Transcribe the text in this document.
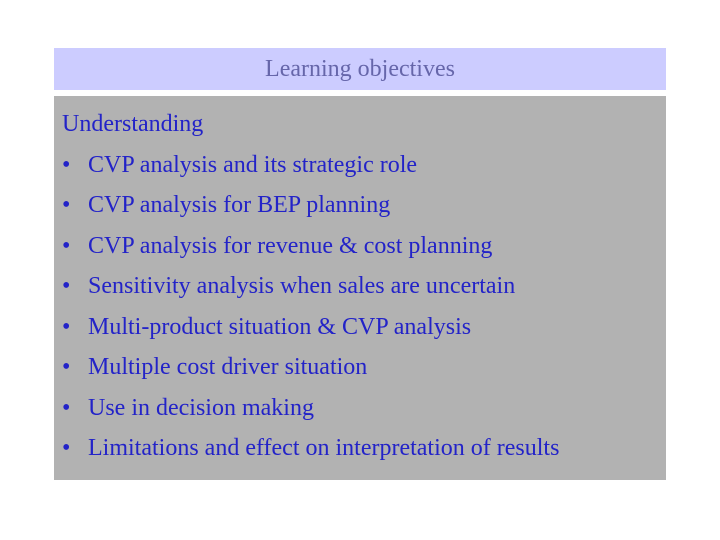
Learning objectives
Understanding
• CVP analysis and its strategic role
• CVP analysis for BEP planning
• CVP analysis for revenue & cost planning
• Sensitivity analysis when sales are uncertain
• Multi-product situation & CVP analysis
• Multiple cost driver situation
• Use in decision making
• Limitations and effect on interpretation of results
